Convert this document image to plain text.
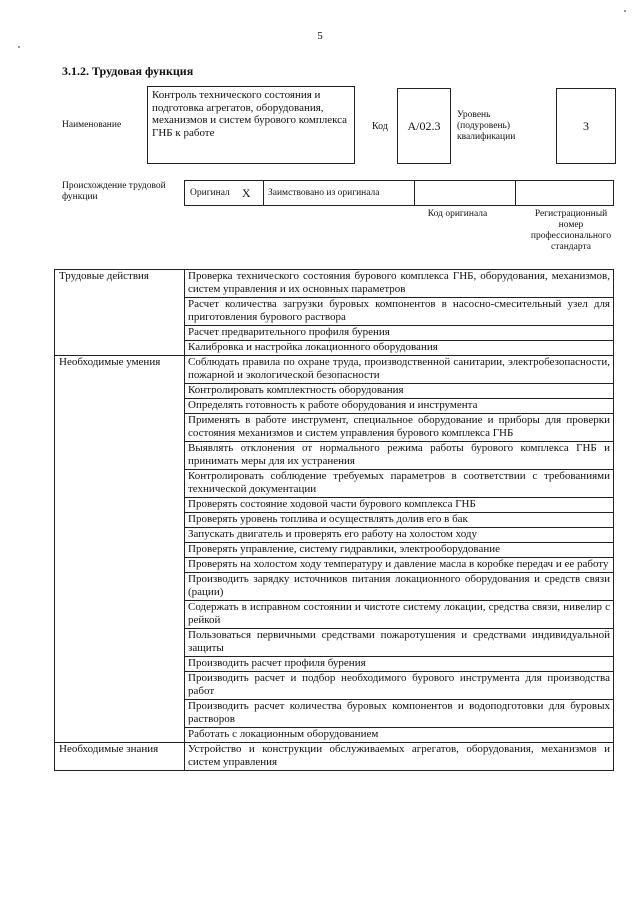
5
3.1.2. Трудовая функция
Наименование
Контроль технического состояния и подготовка агрегатов, оборудования, механизмов и систем бурового комплекса ГНБ к работе	Код	А/02.3
Уровень (подуровень) квалификации
3
Происхождение трудовой функции	Оригинал X Заимствовано из оригинала
Код оригинала	Регистрационный номер профессионального стандарта
Трудовые действия	Проверка технического состояния бурового комплекса ГНБ, оборудования, механизмов, систем управления и их основных параметров
	Расчет количества загрузки буровых компонентов в насосно-смесительный узел для приготовления бурового раствора
	Расчет предварительного профиля бурения
	Калибровка и настройка локационного оборудования
Необходимые умения	Соблюдать правила по охране труда, производственной санитарии, электробезопасности, пожарной и экологической безопасности
	Контролировать комплектность оборудования
	Определять готовность к работе оборудования и инструмента
	Применять в работе инструмент, специальное оборудование и приборы для проверки состояния механизмов и систем управления бурового комплекса ГНБ
	Выявлять отклонения от нормального режима работы бурового комплекса ГНБ и принимать меры для их устранения
	Контролировать соблюдение требуемых параметров в соответствии с требованиями технической документации
	Проверять состояние ходовой части бурового комплекса ГНБ
	Проверять уровень топлива и осуществлять долив его в бак
	Запускать двигатель и проверять его работу на холостом ходу
	Проверять управление, систему гидравлики, электрооборудование
	Проверять на холостом ходу температуру и давление масла в коробке передач и ее работу
	Производить зарядку источников питания локационного оборудования и средств связи (рации)
	Содержать в исправном состоянии и чистоте систему локации, средства связи, нивелир с рейкой
	Пользоваться первичными средствами пожаротушения и средствами индивидуальной защиты
	Производить расчет профиля бурения
	Производить расчет и подбор необходимого бурового инструмента для производства работ
	Производить расчет количества буровых компонентов и водоподготовки для буровых растворов
	Работать с локационным оборудованием
Необходимые знания	Устройство и конструкции обслуживаемых агрегатов, оборудования, механизмов и систем управления
